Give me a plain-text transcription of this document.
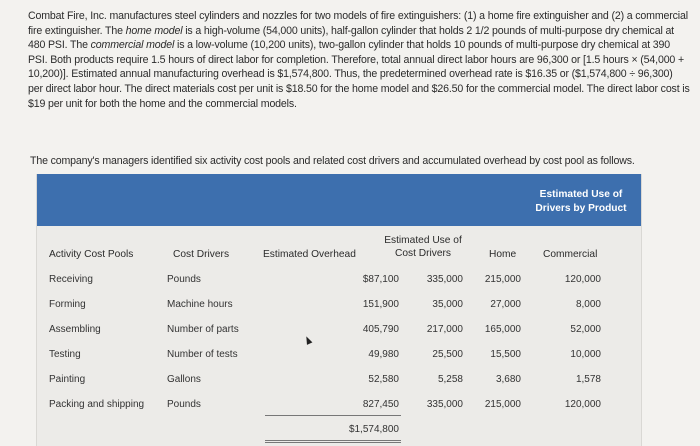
Combat Fire, Inc. manufactures steel cylinders and nozzles for two models of fire extinguishers: (1) a home fire extinguisher and (2) a commercial fire extinguisher. The home model is a high-volume (54,000 units), half-gallon cylinder that holds 2 1/2 pounds of multi-purpose dry chemical at 480 PSI. The commercial model is a low-volume (10,200 units), two-gallon cylinder that holds 10 pounds of multi-purpose dry chemical at 390 PSI. Both products require 1.5 hours of direct labor for completion. Therefore, total annual direct labor hours are 96,300 or [1.5 hours × (54,000 + 10,200)]. Estimated annual manufacturing overhead is $1,574,800. Thus, the predetermined overhead rate is $16.35 or ($1,574,800 ÷ 96,300) per direct labor hour. The direct materials cost per unit is $18.50 for the home model and $26.50 for the commercial model. The direct labor cost is $19 per unit for both the home and the commercial models.

The company's managers identified six activity cost pools and related cost drivers and accumulated overhead by cost pool as follows.

Estimated Use of Drivers by Product
Activity Cost Pools	Cost Drivers	Estimated Overhead
Estimated Use of Cost Drivers	Home	Commercial
Receiving	Pounds	$87,100	335,000	215,000	120,000
Forming	Machine hours	151,900	35,000	27,000	8,000
Assembling	Number of parts	405,790	217,000	165,000	52,000
Testing	Number of tests	49,980	25,500	15,500	10,000
Painting	Gallons	52,580	5,258	3,680	1,578
Packing and shipping	Pounds	827,450	335,000	215,000	120,000
$1,574,800
